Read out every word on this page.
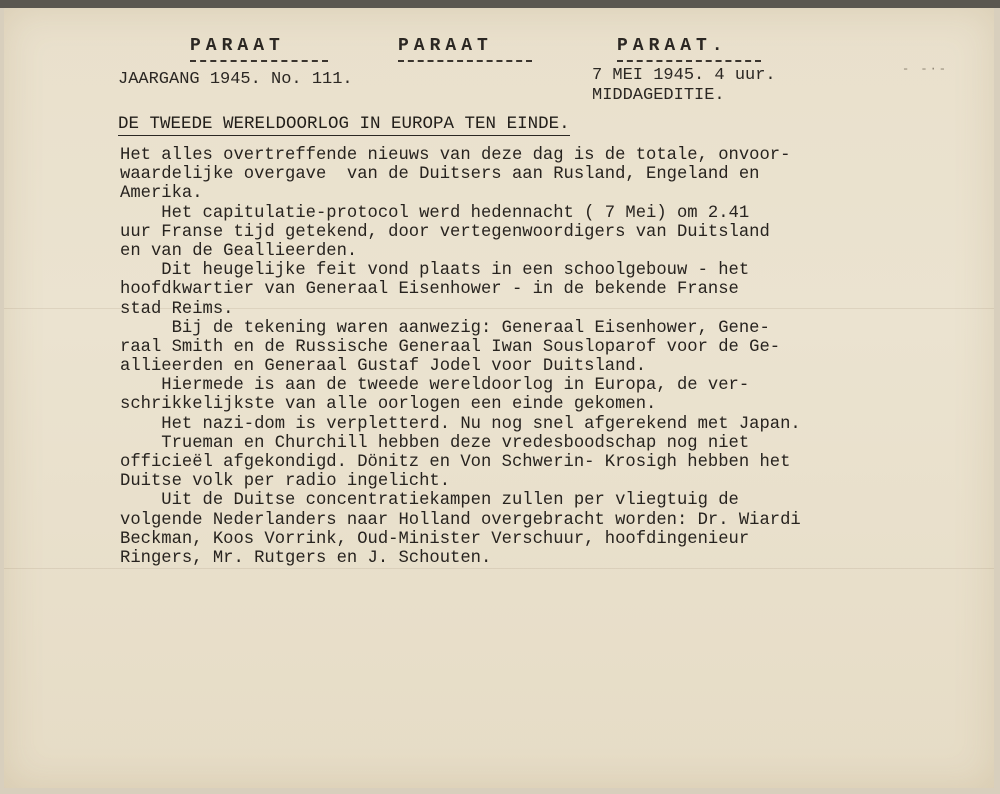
PARAAT	PARAAT	PARAAT.
- -·-
JAARGANG 1945. No. 111.	7 MEI 1945. 4 uur.
MIDDAGEDITIE.
DE TWEEDE WERELDOORLOG IN EUROPA TEN EINDE.
Het alles overtreffende nieuws van deze dag is de totale, onvoor-
waardelijke overgave  van de Duitsers aan Rusland, Engeland en
Amerika.
Het capitulatie-protocol werd hedennacht ( 7 Mei) om 2.41
uur Franse tijd getekend, door vertegenwoordigers van Duitsland
en van de Geallieerden.
Dit heugelijke feit vond plaats in een schoolgebouw - het
hoofdkwartier van Generaal Eisenhower - in de bekende Franse
stad Reims.
Bij de tekening waren aanwezig: Generaal Eisenhower, Gene-
raal Smith en de Russische Generaal Iwan Sousloparof voor de Ge-
allieerden en Generaal Gustaf Jodel voor Duitsland.
Hiermede is aan de tweede wereldoorlog in Europa, de ver-
schrikkelijkste van alle oorlogen een einde gekomen.
Het nazi-dom is verpletterd. Nu nog snel afgerekend met Japan.
Trueman en Churchill hebben deze vredesboodschap nog niet
officieël afgekondigd. Dönitz en Von Schwerin- Krosigh hebben het
Duitse volk per radio ingelicht.
Uit de Duitse concentratiekampen zullen per vliegtuig de
volgende Nederlanders naar Holland overgebracht worden: Dr. Wiardi
Beckman, Koos Vorrink, Oud-Minister Verschuur, hoofdingenieur
Ringers, Mr. Rutgers en J. Schouten.
